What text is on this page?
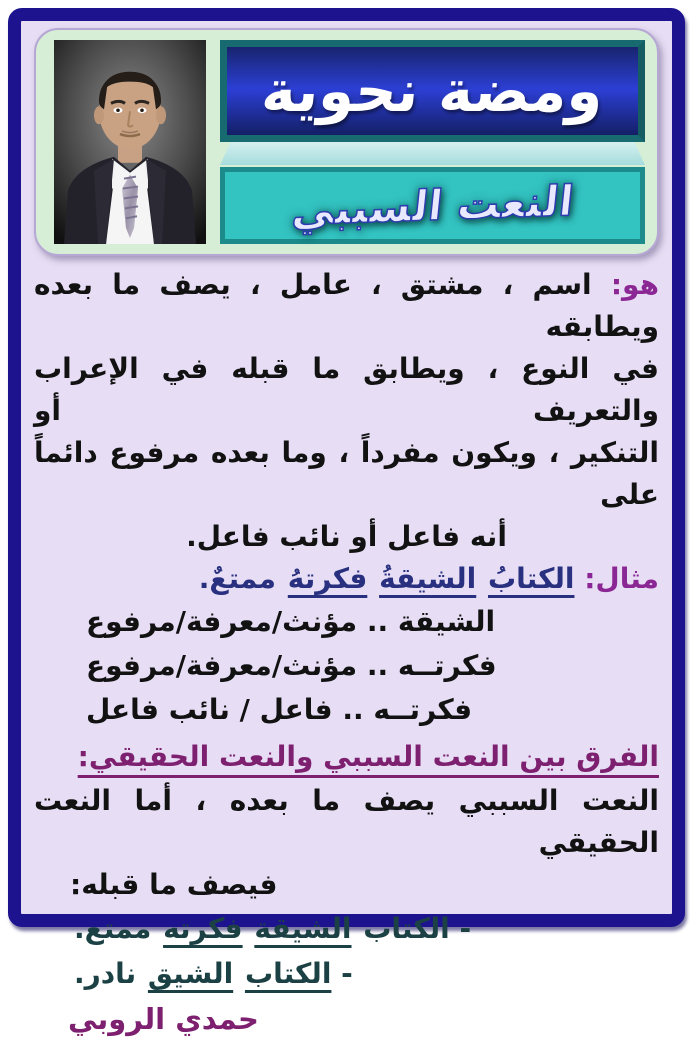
ومضة نحوية
النعت السببي
هو: اسم ، مشتق ، عامل ، يصف ما بعده ويطابقه
في النوع ، ويطابق ما قبله في الإعراب والتعريف أو
التنكير ، ويكون مفرداً ، وما بعده مرفوع دائماً على
أنه فاعل أو نائب فاعل.
مثال: الكتابُ الشيقةُ فكرتهُ ممتعٌ.
الشيقة .. مؤنث/معرفة/مرفوع
فكرتــه .. مؤنث/معرفة/مرفوع
فكرتــه .. فاعل / نائب فاعل
الفرق بين النعت السببي والنعت الحقيقي:
النعت السببي يصف ما بعده ، أما النعت الحقيقي
فيصف ما قبله:
- الكتاب الشيقة فكرته ممتع.
- الكتاب الشيق نادر.
حمدي الروبي
